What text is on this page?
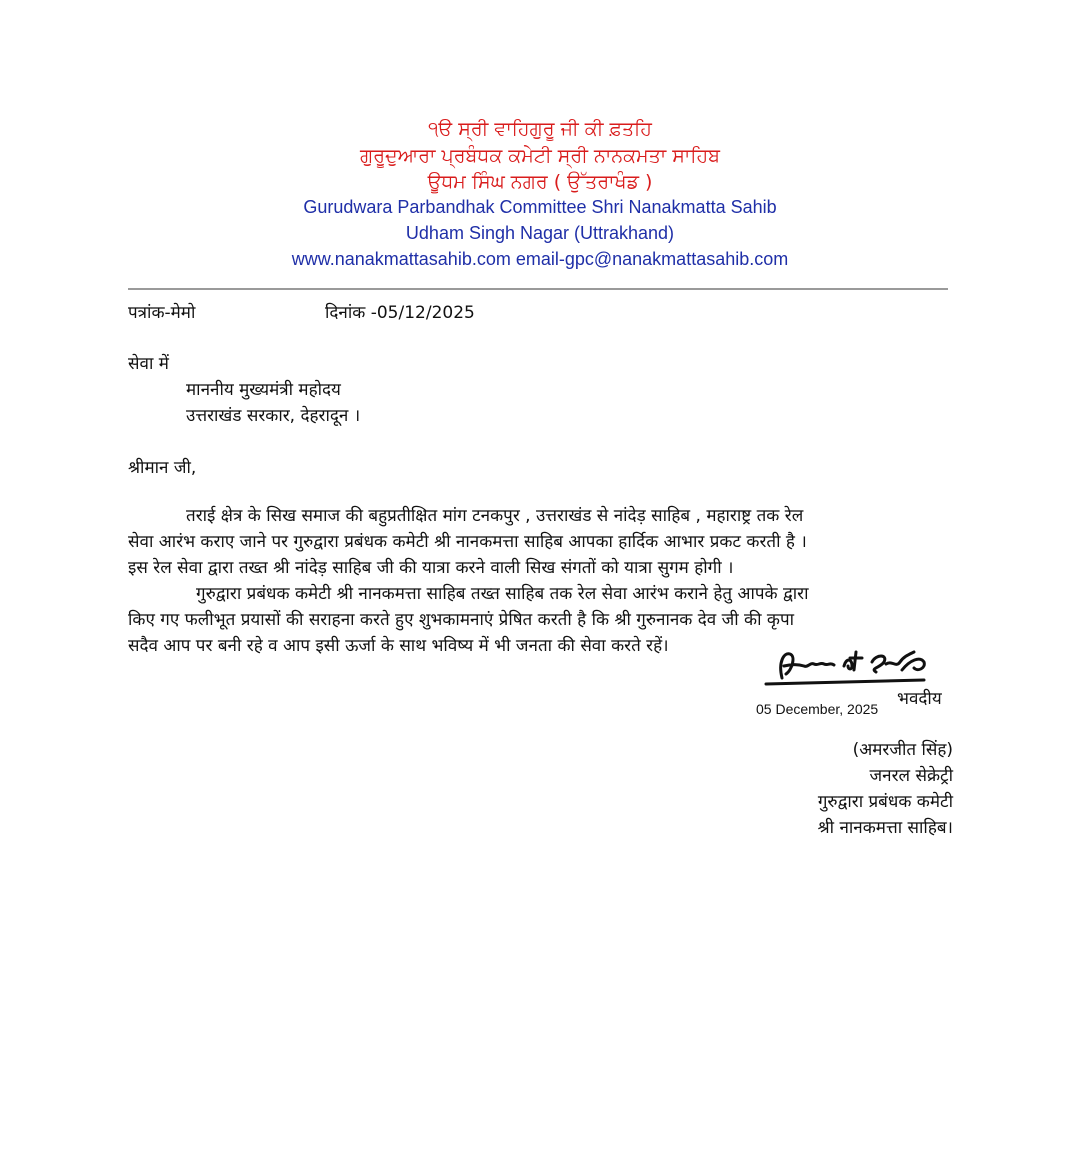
੧ੳ ਸ੍ਰੀ ਵਾਹਿਗੁਰੂ ਜੀ ਕੀ ਫ਼ਤਹਿ
ਗੁਰੂਦੁਆਰਾ ਪ੍ਰਬੰਧਕ ਕਮੇਟੀ ਸ੍ਰੀ ਨਾਨਕਮਤਾ ਸਾਹਿਬ
ਊਧਮ ਸਿੰਘ ਨਗਰ ( ਉੱਤਰਾਖੰਡ )
Gurudwara Parbandhak Committee Shri Nanakmatta Sahib
Udham Singh Nagar (Uttrakhand)
www.nanakmattasahib.com email-gpc@nanakmattasahib.com
पत्रांक-मेमो	दिनांक -05/12/2025
सेवा में
माननीय मुख्यमंत्री महोदय
उत्तराखंड सरकार, देहरादून ।
श्रीमान जी,
तराई क्षेत्र के सिख समाज की बहुप्रतीक्षित मांग टनकपुर , उत्तराखंड से नांदेड़ साहिब , महाराष्ट्र तक रेल
सेवा आरंभ कराए जाने पर गुरुद्वारा प्रबंधक कमेटी श्री नानकमत्ता साहिब आपका हार्दिक आभार प्रकट करती है ।
इस रेल सेवा द्वारा तख्त श्री नांदेड़ साहिब जी की यात्रा करने वाली सिख संगतों को यात्रा सुगम होगी ।
गुरुद्वारा प्रबंधक कमेटी श्री नानकमत्ता साहिब तख्त साहिब तक रेल सेवा आरंभ कराने हेतु आपके द्वारा
किए गए फलीभूत प्रयासों की सराहना करते हुए शुभकामनाएं प्रेषित करती है कि श्री गुरुनानक देव जी की कृपा
सदैव आप पर बनी रहे व आप इसी ऊर्जा के साथ भविष्य में भी जनता की सेवा करते रहें।
भवदीय
05 December, 2025
(अमरजीत सिंह)
जनरल सेक्रेट्री
गुरुद्वारा प्रबंधक कमेटी
श्री नानकमत्ता साहिब।
